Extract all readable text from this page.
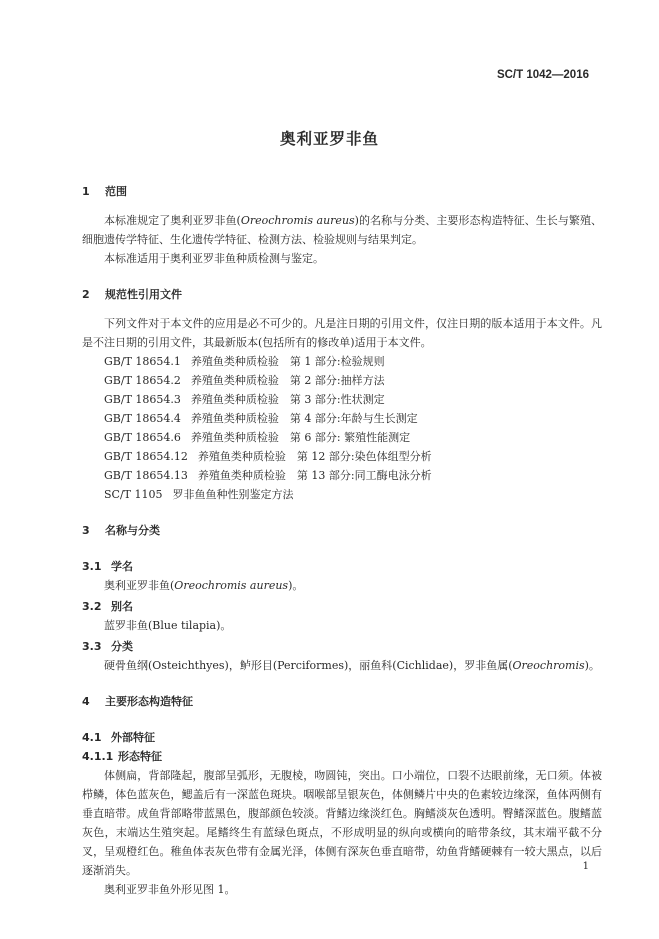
SC/T 1042—2016
奥利亚罗非鱼
1	范围

本标准规定了奥利亚罗非鱼(Oreochromis aureus)的名称与分类、主要形态构造特征、生长与繁殖、细胞遗传学特征、生化遗传学特征、检测方法、检验规则与结果判定。

本标准适用于奥利亚罗非鱼种质检测与鉴定。

2	规范性引用文件

下列文件对于本文件的应用是必不可少的。凡是注日期的引用文件，仅注日期的版本适用于本文件。凡是不注日期的引用文件，其最新版本(包括所有的修改单)适用于本文件。

GB/T 18654.1 养殖鱼类种质检验　第 1 部分:检验规则
GB/T 18654.2 养殖鱼类种质检验　第 2 部分:抽样方法
GB/T 18654.3 养殖鱼类种质检验　第 3 部分:性状测定
GB/T 18654.4 养殖鱼类种质检验　第 4 部分:年龄与生长测定
GB/T 18654.6 养殖鱼类种质检验　第 6 部分: 繁殖性能测定
GB/T 18654.12 养殖鱼类种质检验　第 12 部分:染色体组型分析
GB/T 18654.13 养殖鱼类种质检验　第 13 部分:同工酶电泳分析
SC/T 1105 罗非鱼鱼种性别鉴定方法
3	名称与分类
3.1 学名

奥利亚罗非鱼(Oreochromis aureus)。

3.2 别名

蓝罗非鱼(Blue tilapia)。

3.3 分类

硬骨鱼纲(Osteichthyes)，鲈形目(Perciformes)，丽鱼科(Cichlidae)，罗非鱼属(Oreochromis)。

4	主要形态构造特征
4.1 外部特征
4.1.1 形态特征

体侧扁，背部隆起，腹部呈弧形，无腹棱，吻圆钝，突出。口小端位，口裂不达眼前缘，无口须。体被栉鳞，体色蓝灰色，鳃盖后有一深蓝色斑块。咽喉部呈银灰色，体侧鳞片中央的色素较边缘深，鱼体两侧有垂直暗带。成鱼背部略带蓝黑色，腹部颜色较淡。背鳍边缘淡红色。胸鳍淡灰色透明。臀鳍深蓝色。腹鳍蓝灰色，末端达生殖突起。尾鳍终生有蓝绿色斑点，不形成明显的纵向或横向的暗带条纹，其末端平截不分叉，呈观橙红色。稚鱼体表灰色带有金属光泽，体侧有深灰色垂直暗带，幼鱼背鳍硬棘有一较大黑点，以后逐渐消失。

奥利亚罗非鱼外形见图 1。

1
